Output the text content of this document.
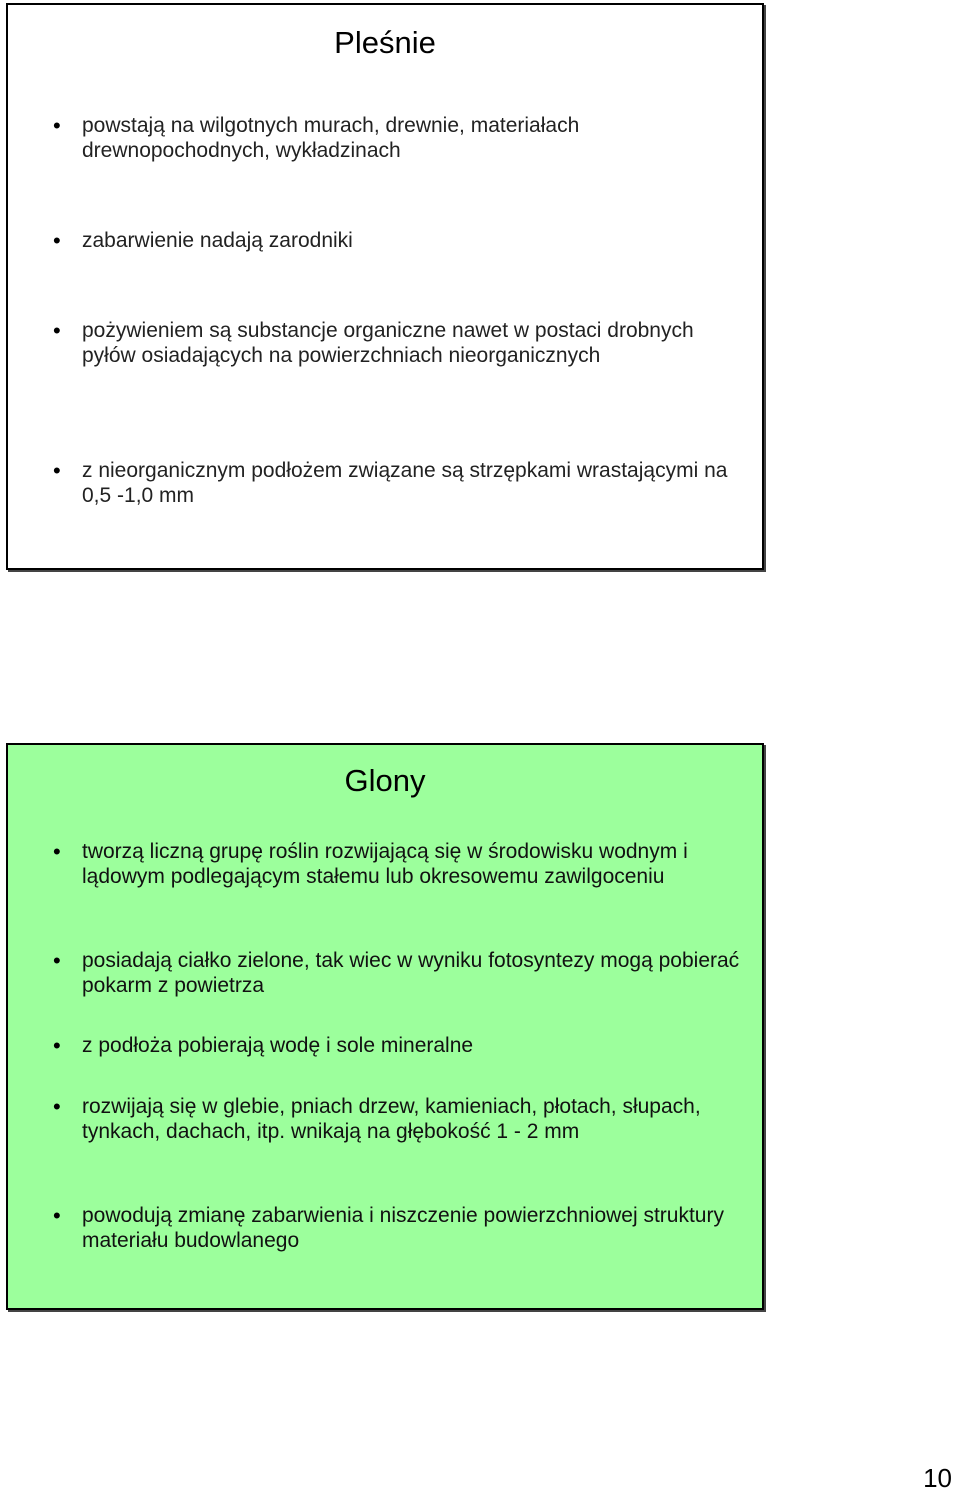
Pleśnie
• powstają na wilgotnych murach, drewnie, materiałach drewnopochodnych, wykładzinach
• zabarwienie nadają zarodniki
• pożywieniem są substancje organiczne nawet w postaci drobnych pyłów osiadających na powierzchniach nieorganicznych
• z nieorganicznym podłożem związane są strzępkami wrastającymi na 0,5 -1,0 mm
Glony
• tworzą liczną grupę roślin rozwijającą się w środowisku wodnym i lądowym podlegającym stałemu lub okresowemu zawilgoceniu
• posiadają ciałko zielone, tak wiec w wyniku fotosyntezy mogą pobierać pokarm z powietrza
• z podłoża pobierają wodę i sole mineralne
• rozwijają się w glebie, pniach drzew, kamieniach, płotach, słupach, tynkach, dachach, itp. wnikają na głębokość 1 - 2 mm
• powodują zmianę zabarwienia i niszczenie powierzchniowej struktury materiału budowlanego
10
